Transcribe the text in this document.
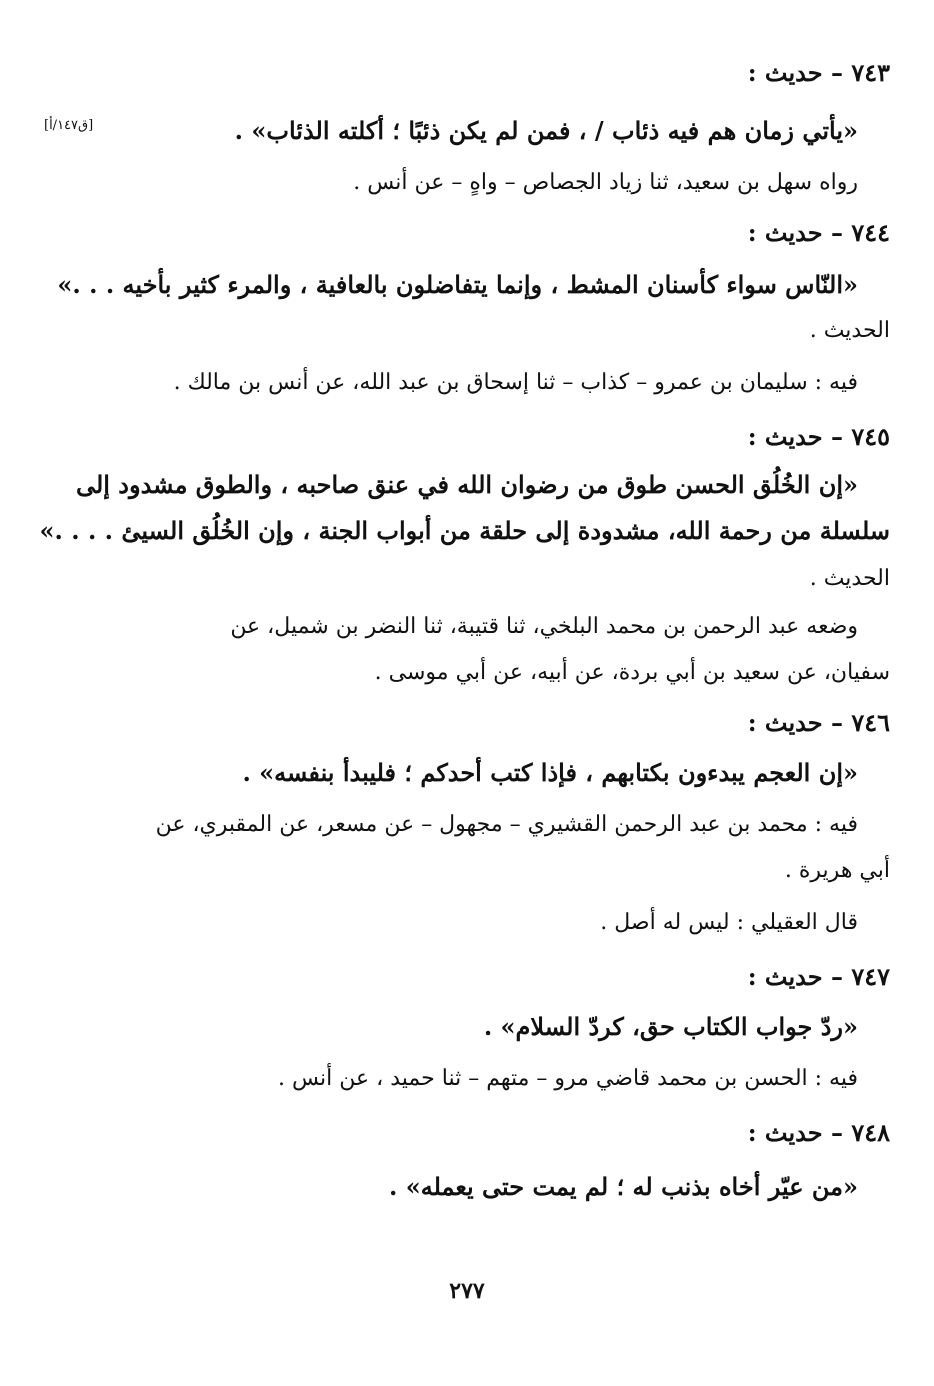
[ق١٤٧/أ]
٧٤٣ – حديث :
«يأتي زمان هم فيه ذئاب / ، فمن لم يكن ذئبًا ؛ أكلته الذئاب» .
رواه سهل بن سعيد، ثنا زياد الجصاص – واهٍ – عن أنس .
٧٤٤ – حديث :
«النّاس سواء كأسنان المشط ، وإنما يتفاضلون بالعافية ، والمرء كثير بأخيه . . .»
الحديث .
فيه : سليمان بن عمرو – كذاب – ثنا إسحاق بن عبد الله، عن أنس بن مالك .
٧٤٥ – حديث :
«إن الخُلُق الحسن طوق من رضوان الله في عنق صاحبه ، والطوق مشدود إلى
سلسلة من رحمة الله، مشدودة إلى حلقة من أبواب الجنة ، وإن الخُلُق السيئ . . . .»
الحديث .
وضعه عبد الرحمن بن محمد البلخي، ثنا قتيبة، ثنا النضر بن شميل، عن
سفيان، عن سعيد بن أبي بردة، عن أبيه، عن أبي موسى .
٧٤٦ – حديث :
«إن العجم يبدءون بكتابهم ، فإذا كتب أحدكم ؛ فليبدأ بنفسه» .
فيه : محمد بن عبد الرحمن القشيري – مجهول – عن مسعر، عن المقبري، عن
أبي هريرة .
قال العقيلي : ليس له أصل .
٧٤٧ – حديث :
«ردّ جواب الكتاب حق، كردّ السلام» .
فيه : الحسن بن محمد قاضي مرو – متهم – ثنا حميد ، عن أنس .
٧٤٨ – حديث :
«من عيّر أخاه بذنب له ؛ لم يمت حتى يعمله» .
٢٧٧
